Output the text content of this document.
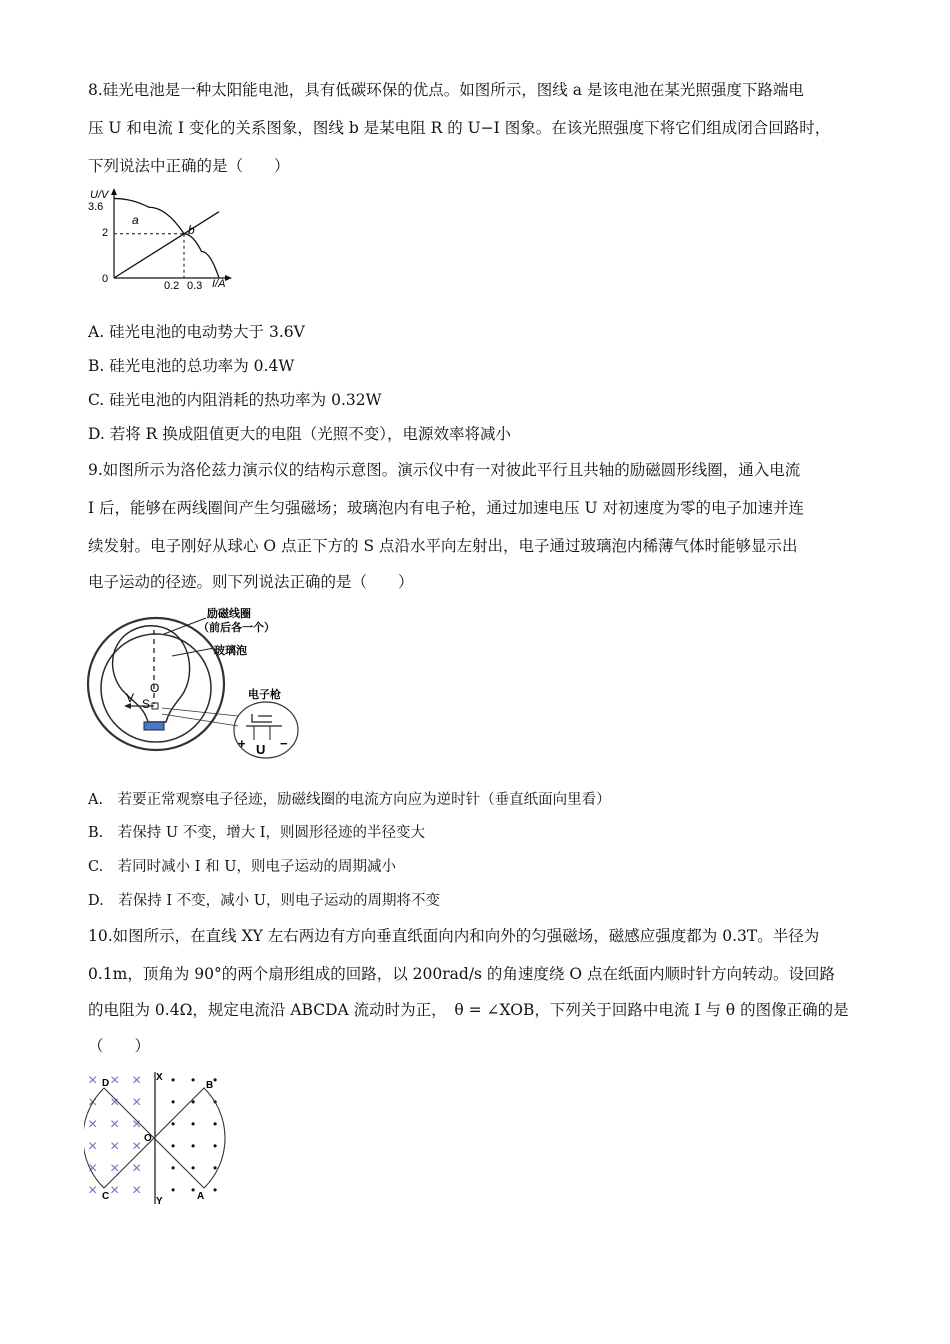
8.硅光电池是一种太阳能电池，具有低碳环保的优点。如图所示，图线 a 是该电池在某光照强度下路端电
压 U 和电流 I 变化的关系图象，图线 b 是某电阻 R 的 U−I 图象。在该光照强度下将它们组成闭合回路时，
下列说法中正确的是（　　）
U/V
I/A
0
3.6
2
0.2 0.3
a
b
A. 硅光电池的电动势大于 3.6V
B. 硅光电池的总功率为 0.4W
C. 硅光电池的内阻消耗的热功率为 0.32W
D. 若将 R 换成阻值更大的电阻（光照不变），电源效率将减小
9.如图所示为洛伦兹力演示仪的结构示意图。演示仪中有一对彼此平行且共轴的励磁圆形线圈，通入电流
I 后，能够在两线圈间产生匀强磁场；玻璃泡内有电子枪，通过加速电压 U 对初速度为零的电子加速并连
续发射。电子刚好从球心 O 点正下方的 S 点沿水平向左射出，电子通过玻璃泡内稀薄气体时能够显示出
电子运动的径迹。则下列说法正确的是（　　）
O
V S
励磁线圈
（前后各一个）
玻璃泡
电子枪
+	−
U
A.　若要正常观察电子径迹，励磁线圈的电流方向应为逆时针（垂直纸面向里看）
B.　若保持 U 不变，增大 I，则圆形径迹的半径变大
C.　若同时减小 I 和 U，则电子运动的周期减小
D.　若保持 I 不变，减小 U，则电子运动的周期将不变
10.如图所示，在直线 XY 左右两边有方向垂直纸面向内和向外的匀强磁场，磁感应强度都为 0.3T。半径为
0.1m，顶角为 90°的两个扇形组成的回路，以 200rad/s 的角速度绕 O 点在纸面内顺时针方向转动。设回路
的电阻为 0.4Ω，规定电流沿 ABCDA 流动时为正，　θ = ∠XOB，下列关于回路中电流 I 与 θ 的图像正确的是
（　　）
× × ×
× × ×
× × ×
× × ×
× × ×
× × ×
• • •
• • •
• • •
• • •
• • •
• • •
X
Y
O
B
A
C
D
